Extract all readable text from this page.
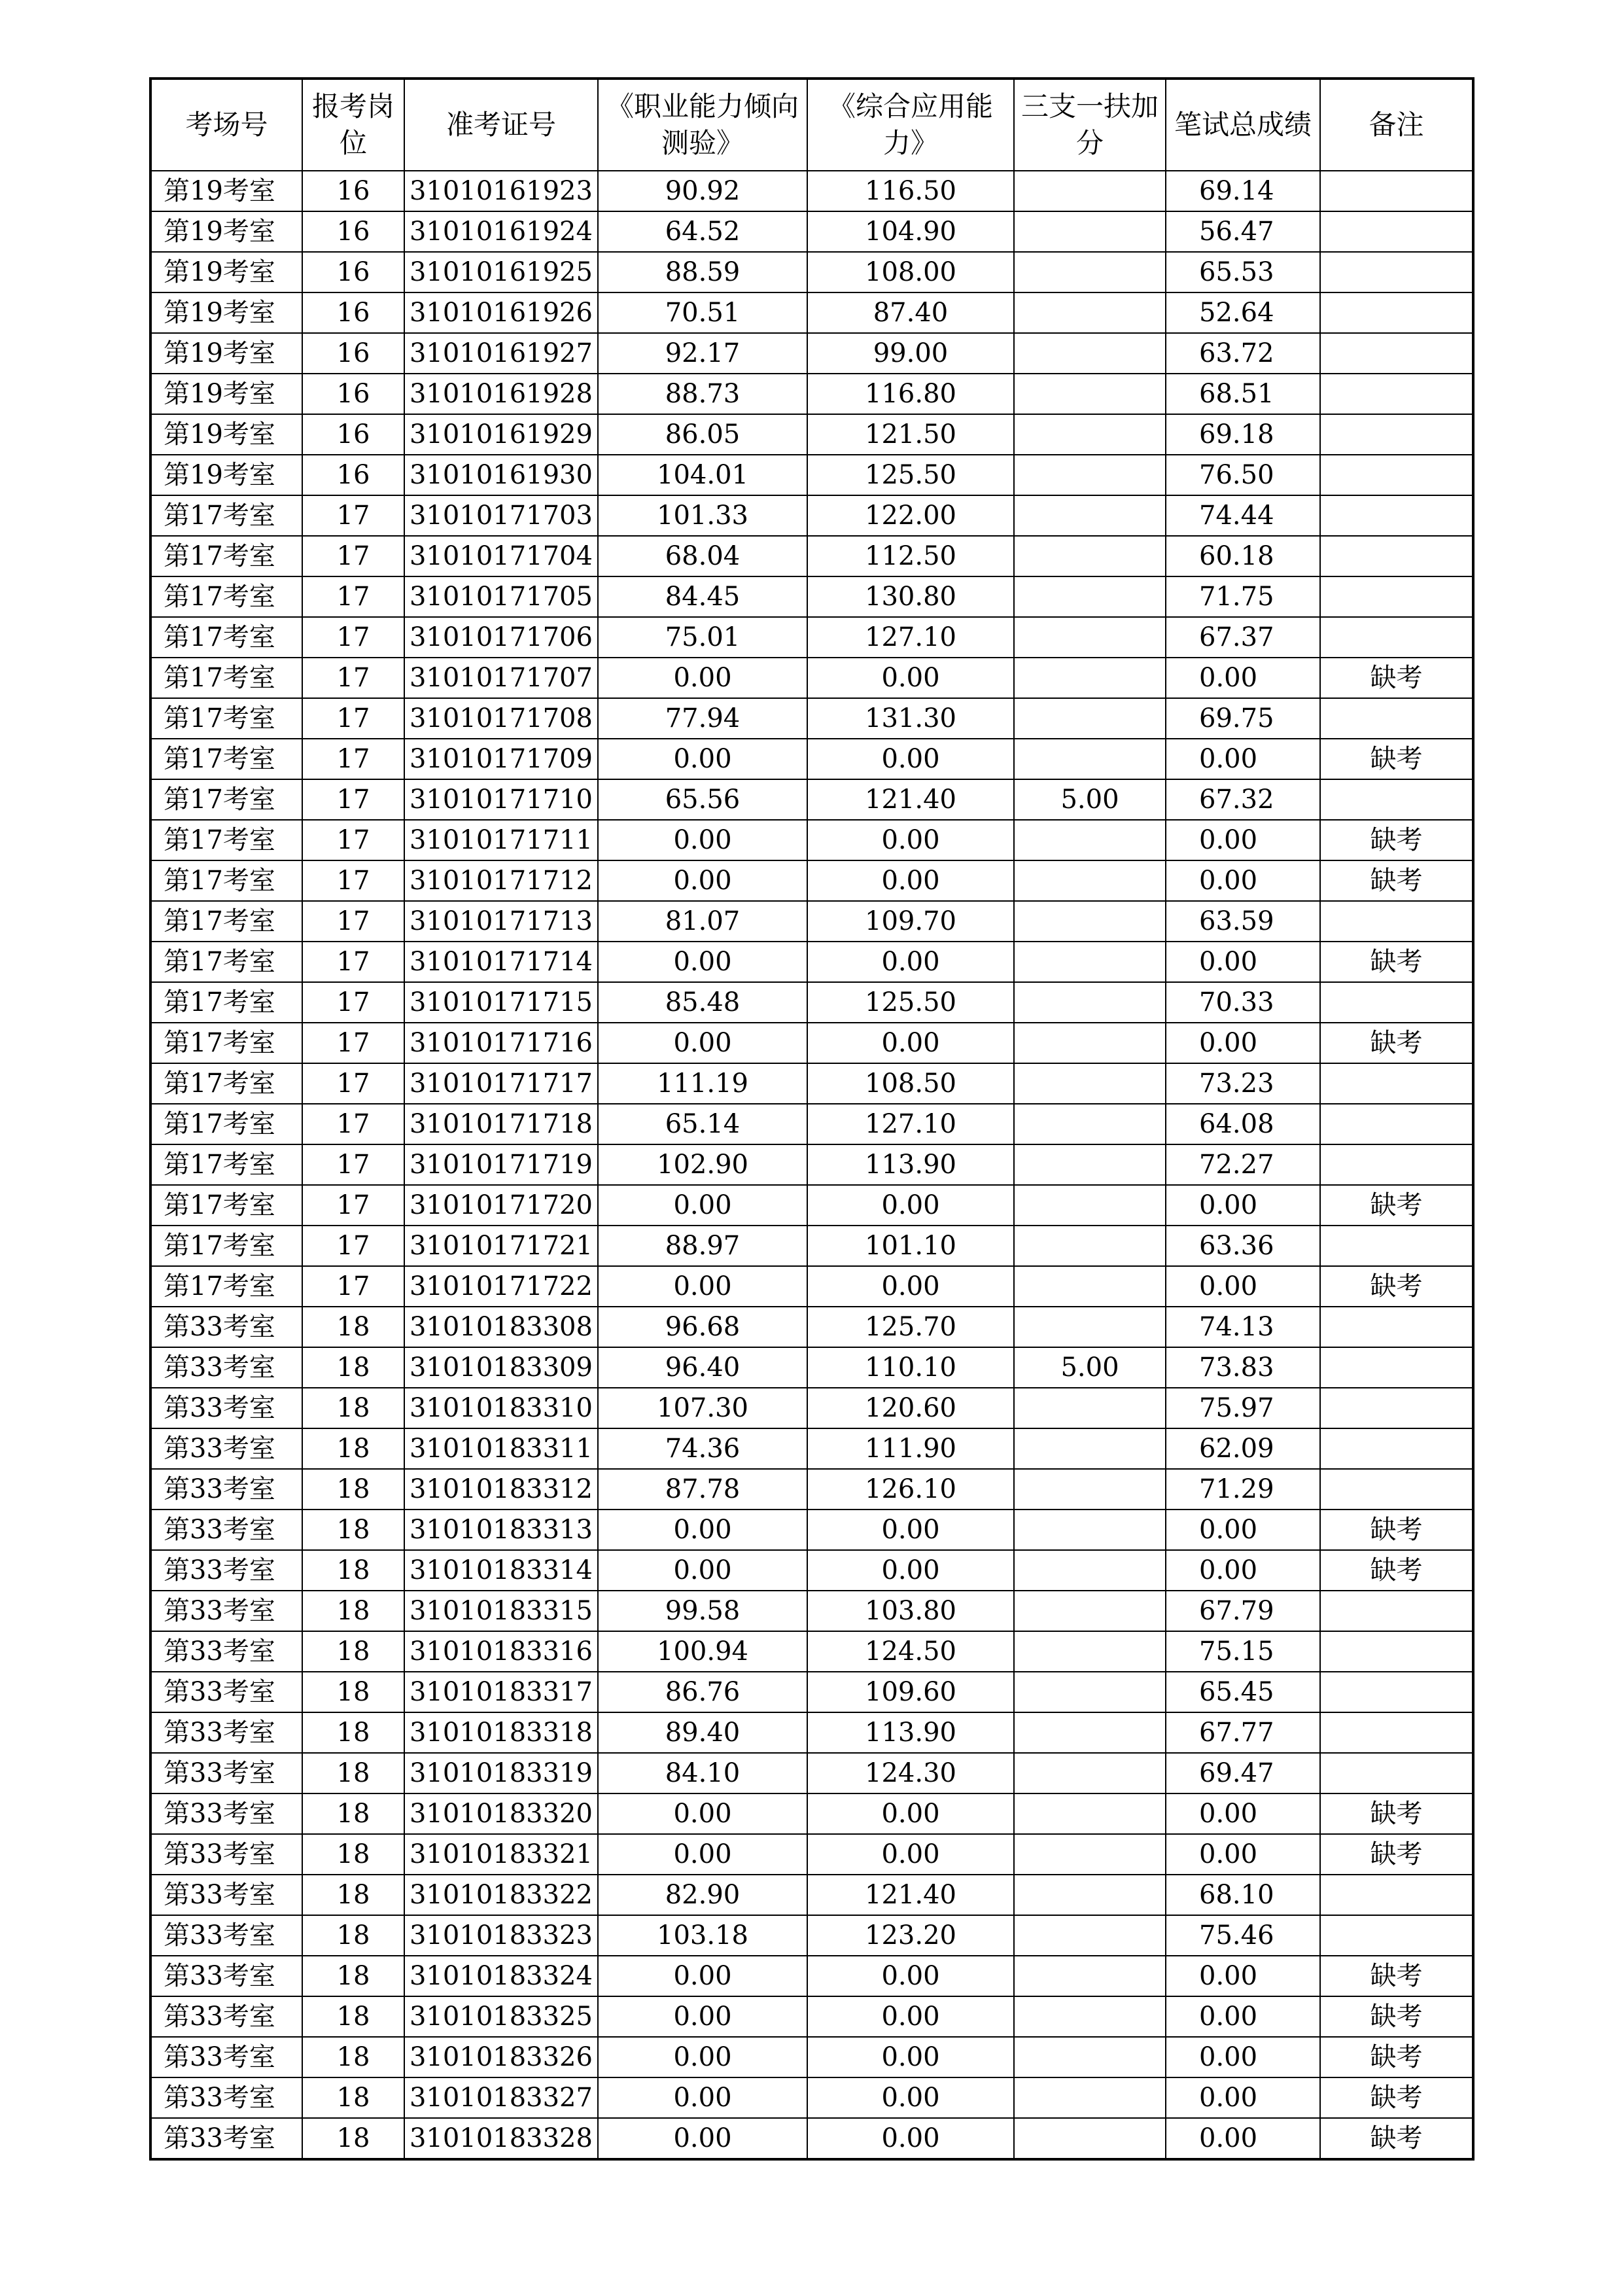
考场号	报考岗位	准考证号	《职业能力倾向测验》	《综合应用能力》	三支一扶加分	笔试总成绩	备注
第19考室	16	31010161923	90.92	116.50		69.14	
第19考室	16	31010161924	64.52	104.90		56.47	
第19考室	16	31010161925	88.59	108.00		65.53	
第19考室	16	31010161926	70.51	87.40		52.64	
第19考室	16	31010161927	92.17	99.00		63.72	
第19考室	16	31010161928	88.73	116.80		68.51	
第19考室	16	31010161929	86.05	121.50		69.18	
第19考室	16	31010161930	104.01	125.50		76.50	
第17考室	17	31010171703	101.33	122.00		74.44	
第17考室	17	31010171704	68.04	112.50		60.18	
第17考室	17	31010171705	84.45	130.80		71.75	
第17考室	17	31010171706	75.01	127.10		67.37	
第17考室	17	31010171707	0.00	0.00		0.00	缺考
第17考室	17	31010171708	77.94	131.30		69.75	
第17考室	17	31010171709	0.00	0.00		0.00	缺考
第17考室	17	31010171710	65.56	121.40	5.00	67.32	
第17考室	17	31010171711	0.00	0.00		0.00	缺考
第17考室	17	31010171712	0.00	0.00		0.00	缺考
第17考室	17	31010171713	81.07	109.70		63.59	
第17考室	17	31010171714	0.00	0.00		0.00	缺考
第17考室	17	31010171715	85.48	125.50		70.33	
第17考室	17	31010171716	0.00	0.00		0.00	缺考
第17考室	17	31010171717	111.19	108.50		73.23	
第17考室	17	31010171718	65.14	127.10		64.08	
第17考室	17	31010171719	102.90	113.90		72.27	
第17考室	17	31010171720	0.00	0.00		0.00	缺考
第17考室	17	31010171721	88.97	101.10		63.36	
第17考室	17	31010171722	0.00	0.00		0.00	缺考
第33考室	18	31010183308	96.68	125.70		74.13	
第33考室	18	31010183309	96.40	110.10	5.00	73.83	
第33考室	18	31010183310	107.30	120.60		75.97	
第33考室	18	31010183311	74.36	111.90		62.09	
第33考室	18	31010183312	87.78	126.10		71.29	
第33考室	18	31010183313	0.00	0.00		0.00	缺考
第33考室	18	31010183314	0.00	0.00		0.00	缺考
第33考室	18	31010183315	99.58	103.80		67.79	
第33考室	18	31010183316	100.94	124.50		75.15	
第33考室	18	31010183317	86.76	109.60		65.45	
第33考室	18	31010183318	89.40	113.90		67.77	
第33考室	18	31010183319	84.10	124.30		69.47	
第33考室	18	31010183320	0.00	0.00		0.00	缺考
第33考室	18	31010183321	0.00	0.00		0.00	缺考
第33考室	18	31010183322	82.90	121.40		68.10	
第33考室	18	31010183323	103.18	123.20		75.46	
第33考室	18	31010183324	0.00	0.00		0.00	缺考
第33考室	18	31010183325	0.00	0.00		0.00	缺考
第33考室	18	31010183326	0.00	0.00		0.00	缺考
第33考室	18	31010183327	0.00	0.00		0.00	缺考
第33考室	18	31010183328	0.00	0.00		0.00	缺考
